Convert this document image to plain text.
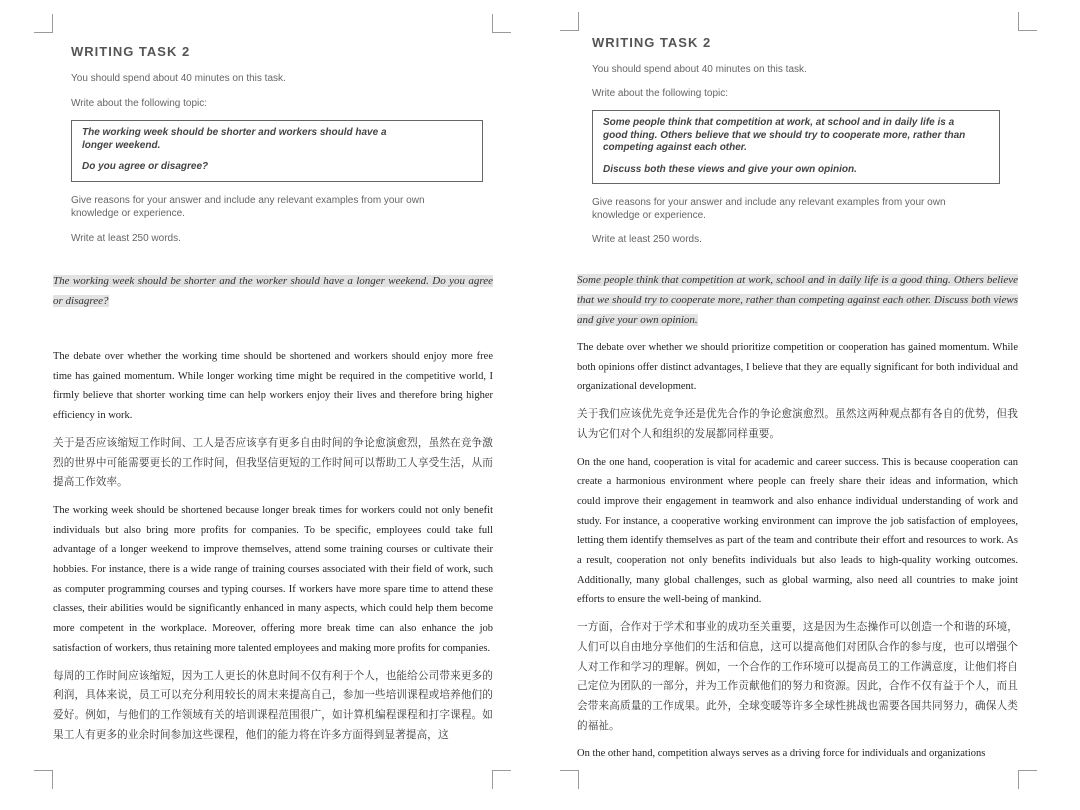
WRITING TASK 2
You should spend about 40 minutes on this task.
Write about the following topic:
The working week should be shorter and workers should have a
longer weekend.
Do you agree or disagree?
Give reasons for your answer and include any relevant examples from your own
knowledge or experience.
Write at least 250 words.
The working week should be shorter and the worker should have a longer weekend. Do you agree or disagree?

The debate over whether the working time should be shortened and workers should enjoy more free time has gained momentum. While longer working time might be required in the competitive world, I firmly believe that shorter working time can help workers enjoy their lives and therefore bring higher efficiency in work.

关于是否应该缩短工作时间、工人是否应该享有更多自由时间的争论愈演愈烈，虽然在竞争激烈的世界中可能需要更长的工作时间，但我坚信更短的工作时间可以帮助工人享受生活，从而提高工作效率。

The working week should be shortened because longer break times for workers could not only benefit individuals but also bring more profits for companies. To be specific, employees could take full advantage of a longer weekend to improve themselves, attend some training courses or cultivate their hobbies. For instance, there is a wide range of training courses associated with their field of work, such as computer programming courses and typing courses. If workers have more spare time to attend these classes, their abilities would be significantly enhanced in many aspects, which could help them become more competent in the workplace. Moreover, offering more break time can also enhance the job satisfaction of workers, thus retaining more talented employees and making more profits for companies.

每周的工作时间应该缩短，因为工人更长的休息时间不仅有利于个人，也能给公司带来更多的利润，具体来说，员工可以充分利用较长的周末来提高自己，参加一些培训课程或培养他们的爱好。例如，与他们的工作领域有关的培训课程范围很广，如计算机编程课程和打字课程。如果工人有更多的业余时间参加这些课程，他们的能力将在许多方面得到显著提高，这

WRITING TASK 2
You should spend about 40 minutes on this task.
Write about the following topic:
Some people think that competition at work, at school and in daily life is a
good thing. Others believe that we should try to cooperate more, rather than
competing against each other.
Discuss both these views and give your own opinion.
Give reasons for your answer and include any relevant examples from your own
knowledge or experience.
Write at least 250 words.
Some people think that competition at work, school and in daily life is a good thing. Others believe that we should try to cooperate more, rather than competing against each other. Discuss both views and give your own opinion.

The debate over whether we should prioritize competition or cooperation has gained momentum. While both opinions offer distinct advantages, I believe that they are equally significant for both individual and organizational development.

关于我们应该优先竞争还是优先合作的争论愈演愈烈。虽然这两种观点都有各自的优势，但我认为它们对个人和组织的发展都同样重要。

On the one hand, cooperation is vital for academic and career success. This is because cooperation can create a harmonious environment where people can freely share their ideas and information, which could improve their engagement in teamwork and also enhance individual understanding of work and study. For instance, a cooperative working environment can improve the job satisfaction of employees, letting them identify themselves as part of the team and contribute their effort and resources to work. As a result, cooperation not only benefits individuals but also leads to high-quality working outcomes. Additionally, many global challenges, such as global warming, also need all countries to make joint efforts to ensure the well-being of mankind.

一方面，合作对于学术和事业的成功至关重要，这是因为生态操作可以创造一个和谐的环境，人们可以自由地分享他们的生活和信息，这可以提高他们对团队合作的参与度，也可以增强个人对工作和学习的理解。例如，一个合作的工作环境可以提高员工的工作满意度，让他们将自己定位为团队的一部分，并为工作贡献他们的努力和资源。因此，合作不仅有益于个人，而且会带来高质量的工作成果。此外，全球变暖等许多全球性挑战也需要各国共同努力，确保人类的福祉。

On the other hand, competition always serves as a driving force for individuals and organizations
